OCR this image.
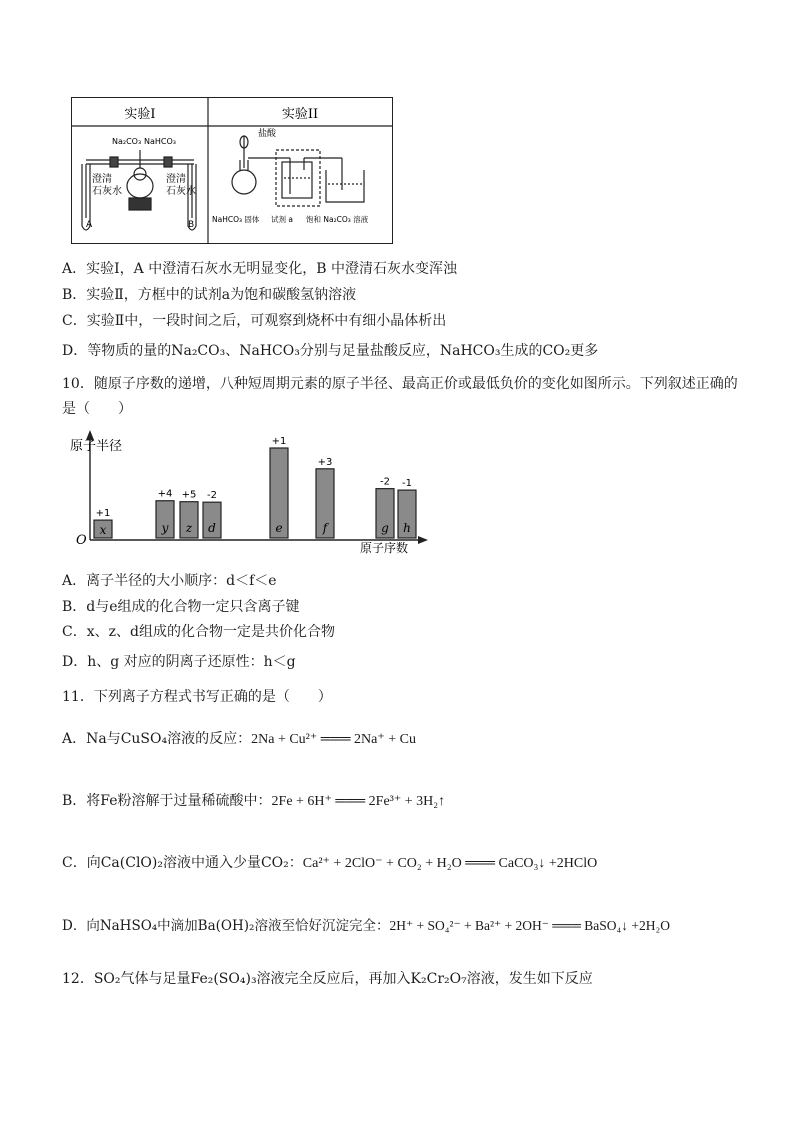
实验I	实验II
Na₂CO₃ NaHCO₃
澄清石灰水
澄清石灰水
A	B
盐酸
NaHCO₃ 固体 试剂 a 饱和 Na₂CO₃ 溶液
A．实验Ⅰ，A 中澄清石灰水无明显变化，B 中澄清石灰水变浑浊
B．实验Ⅱ，方框中的试剂a为饱和碳酸氢钠溶液
C．实验Ⅱ中，一段时间之后，可观察到烧杯中有细小晶体析出
D．等物质的量的Na₂CO₃、NaHCO₃分别与足量盐酸反应，NaHCO₃生成的CO₂更多
10．随原子序数的递增，八种短周期元素的原子半径、最高正价或最低负价的变化如图所示。下列叙述正确的
是（　　）
原子半径
O	原子序数
x
+1
y
+4
z
+5
d
-2
e
+1
f
+3
g
-2
h
-1
A．离子半径的大小顺序：d＜f＜e
B．d与e组成的化合物一定只含离子键
C．x、z、d组成的化合物一定是共价化合物
D．h、g 对应的阴离子还原性：h＜g
11．下列离子方程式书写正确的是（　　）
A．Na与CuSO₄溶液的反应：2Na + Cu²⁺ ═══ 2Na⁺ + Cu
B．将Fe粉溶解于过量稀硫酸中：2Fe + 6H⁺ ═══ 2Fe³⁺ + 3H₂↑
C．向Ca(ClO)₂溶液中通入少量CO₂：Ca²⁺ + 2ClO⁻ + CO₂ + H₂O ═══ CaCO₃↓ +2HClO
D．向NaHSO₄中滴加Ba(OH)₂溶液至恰好沉淀完全：2H⁺ + SO₄²⁻ + Ba²⁺ + 2OH⁻ ═══ BaSO₄↓ +2H₂O
12．SO₂气体与足量Fe₂(SO₄)₃溶液完全反应后，再加入K₂Cr₂O₇溶液，发生如下反应
